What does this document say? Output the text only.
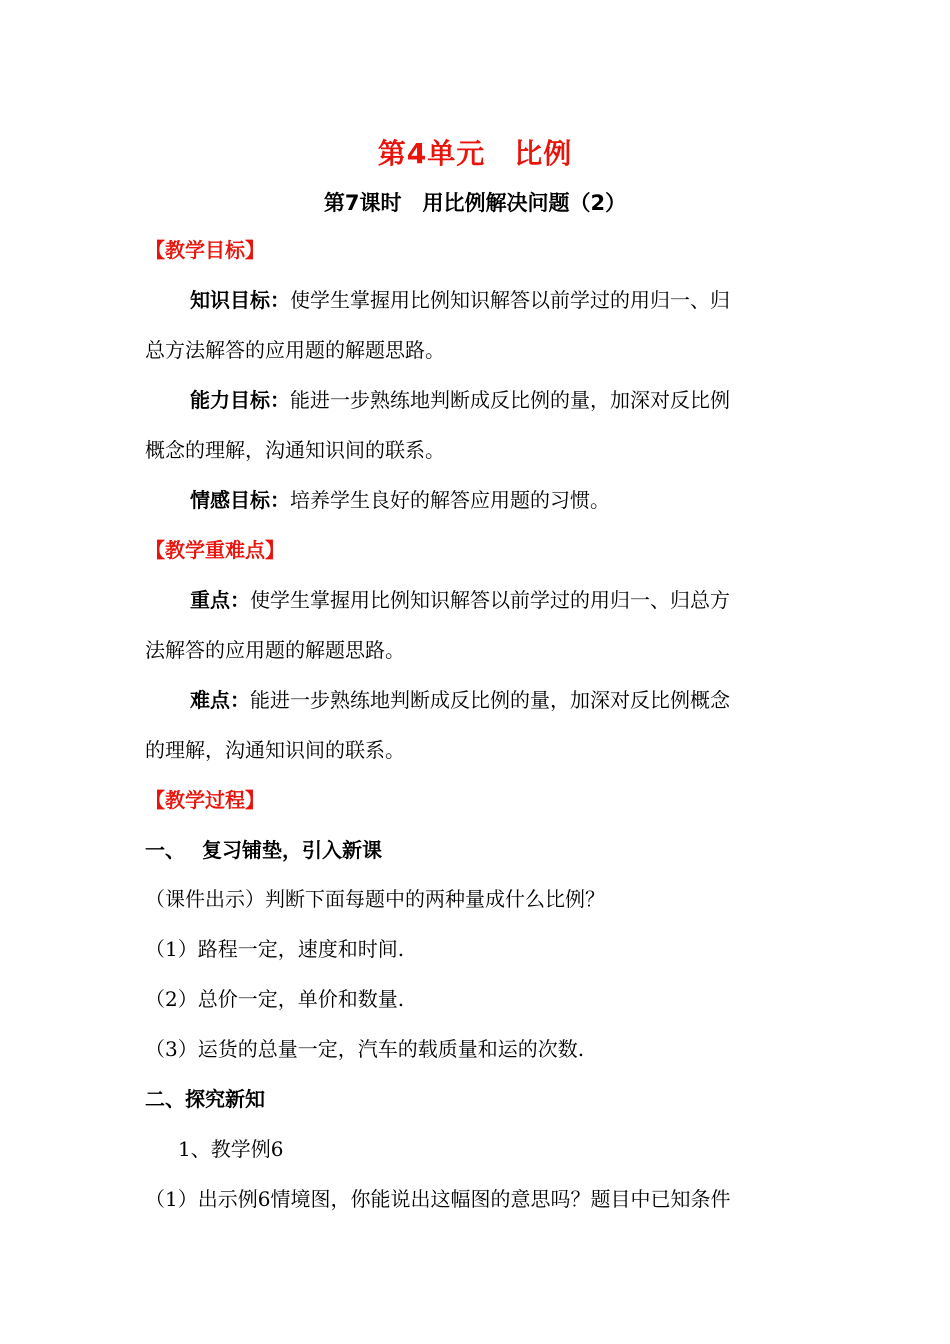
第4单元　比例
第7课时　用比例解决问题（2）
【教学目标】
知识目标：使学生掌握用比例知识解答以前学过的用归一、归
总方法解答的应用题的解题思路。
能力目标：能进一步熟练地判断成反比例的量，加深对反比例
概念的理解，沟通知识间的联系。
情感目标：培养学生良好的解答应用题的习惯。
【教学重难点】
重点：使学生掌握用比例知识解答以前学过的用归一、归总方
法解答的应用题的解题思路。
难点：能进一步熟练地判断成反比例的量，加深对反比例概念
的理解，沟通知识间的联系。
【教学过程】
一、　 复习铺垫，引入新课
（课件出示）判断下面每题中的两种量成什么比例？
（1）路程一定，速度和时间.
（2）总价一定，单价和数量.
（3）运货的总量一定，汽车的载质量和运的次数.
二、探究新知
1、教学例6
（1）出示例6情境图，你能说出这幅图的意思吗？题目中已知条件
